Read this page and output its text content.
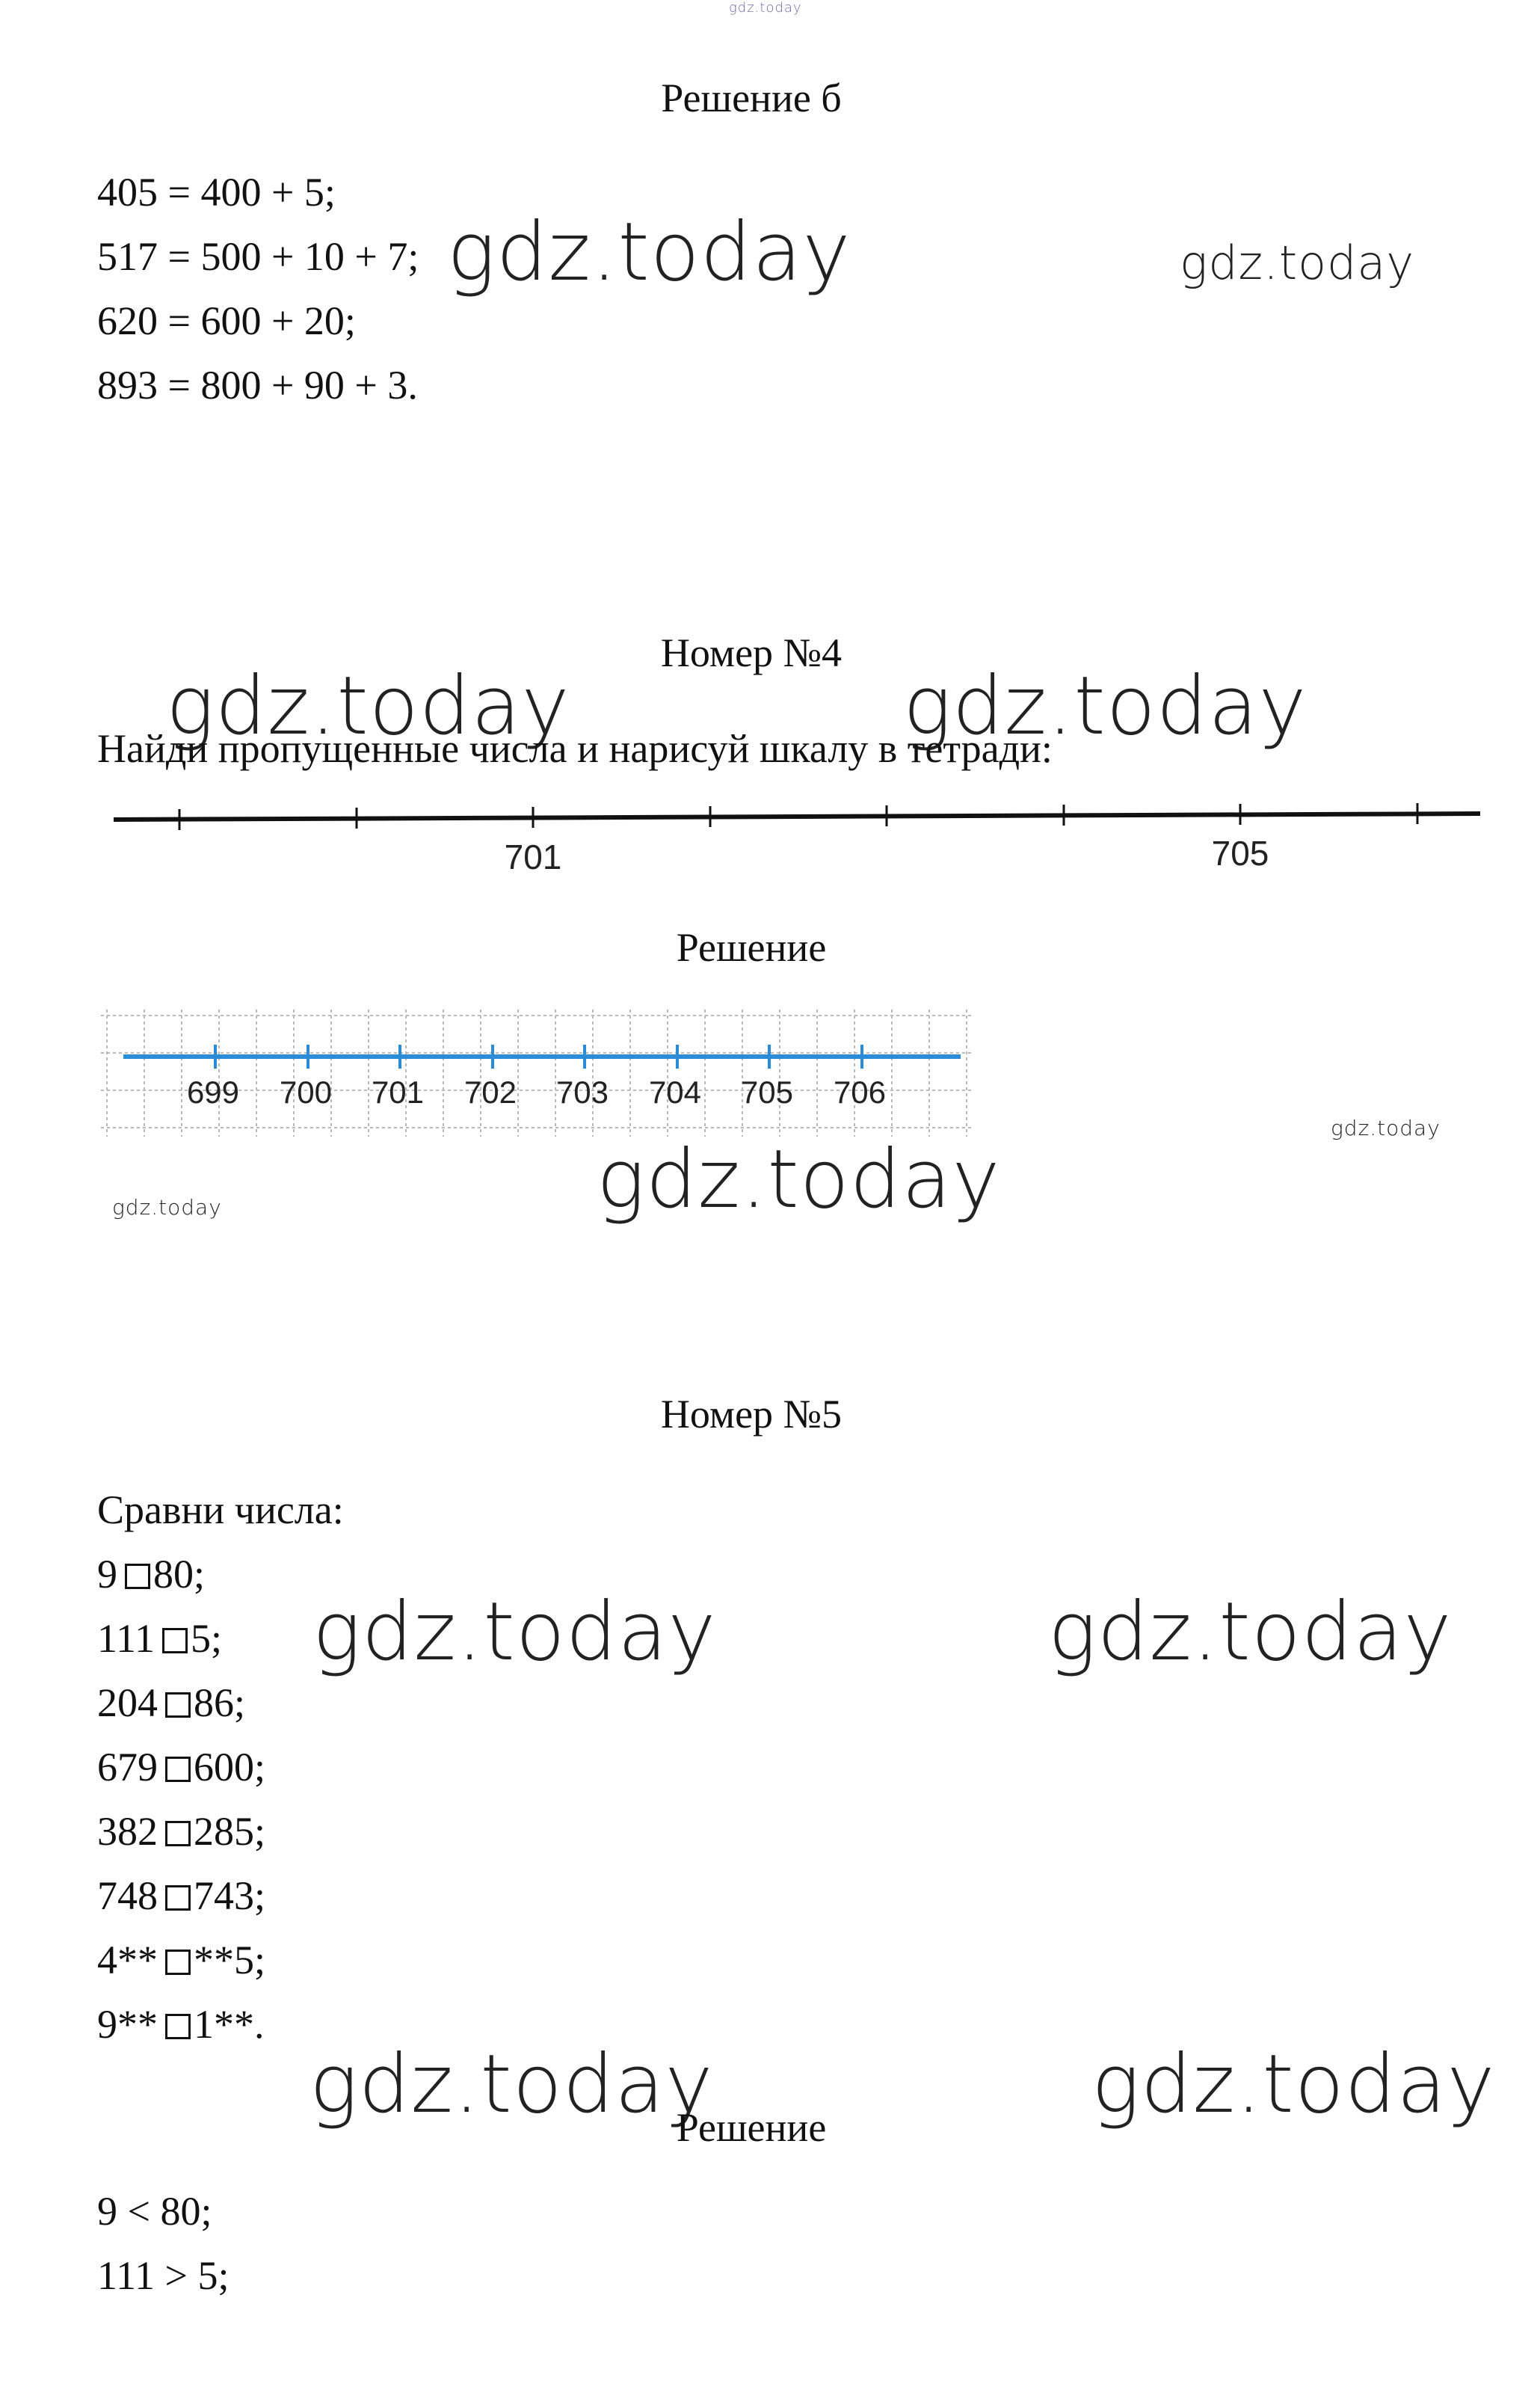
gdz.today
Решение б
405 = 400 + 5;
517 = 500 + 10 + 7;
620 = 600 + 20;
893 = 800 + 90 + 3.
gdz.today	gdz.today
Номер №4
gdz.today	gdz.today
Найди пропущенные числа и нарисуй шкалу в тетради:
701	705
Решение
699 700 701 702 703 704 705 706
gdz.today
gdz.today
gdz.today
Номер №5
Сравни числа:
9 80;
111 5;
204 86;
679 600;
382 285;
748 743;
4** **5;
9** 1**.
gdz.today	gdz.today
gdz.today	gdz.today
Решение
9 < 80;
111 > 5;
